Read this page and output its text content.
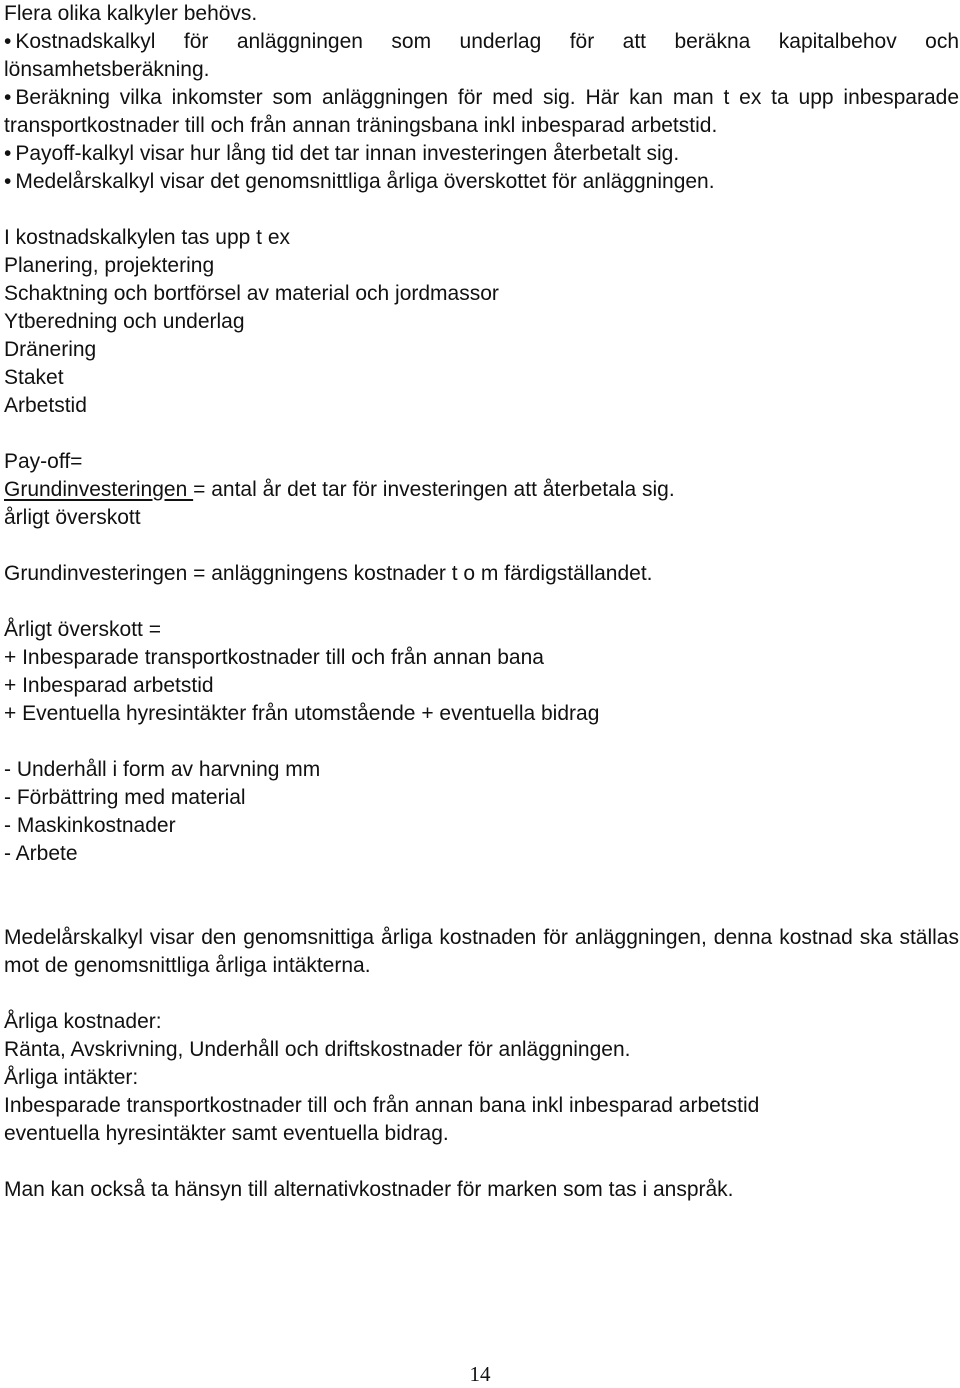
Flera olika kalkyler behövs.

• Kostnadskalkyl för anläggningen som underlag för att beräkna kapitalbehov och lönsamhetsberäkning.
• Beräkning vilka inkomster som anläggningen för med sig. Här kan man t ex ta upp inbesparade transportkostnader till och från annan träningsbana inkl inbesparad arbetstid.
• Payoff-kalkyl visar hur lång tid det tar innan investeringen återbetalt sig.
• Medelårskalkyl visar det genomsnittliga årliga överskottet för anläggningen.
I kostnadskalkylen tas upp t ex
Planering, projektering
Schaktning och bortförsel av material och jordmassor
Ytberedning och underlag
Dränering
Staket
Arbetstid
Pay-off=
Grundinvesteringen = antal år det tar för investeringen att återbetala sig.
årligt överskott

Grundinvesteringen = anläggningens kostnader t o m färdigställandet.

Årligt överskott =
+ Inbesparade transportkostnader till och från annan bana
+ Inbesparad arbetstid
+ Eventuella hyresintäkter från utomstående + eventuella bidrag
- Underhåll i form av harvning mm
- Förbättring med material
- Maskinkostnader
- Arbete

Medelårskalkyl visar den genomsnittiga årliga kostnaden för anläggningen, denna kostnad ska ställas mot de genomsnittliga årliga intäkterna.

Årliga kostnader:
Ränta, Avskrivning, Underhåll och driftskostnader för anläggningen.
Årliga intäkter:
Inbesparade transportkostnader till och från annan bana inkl inbesparad arbetstid
eventuella hyresintäkter samt eventuella bidrag.

Man kan också ta hänsyn till alternativkostnader för marken som tas i anspråk.

14
